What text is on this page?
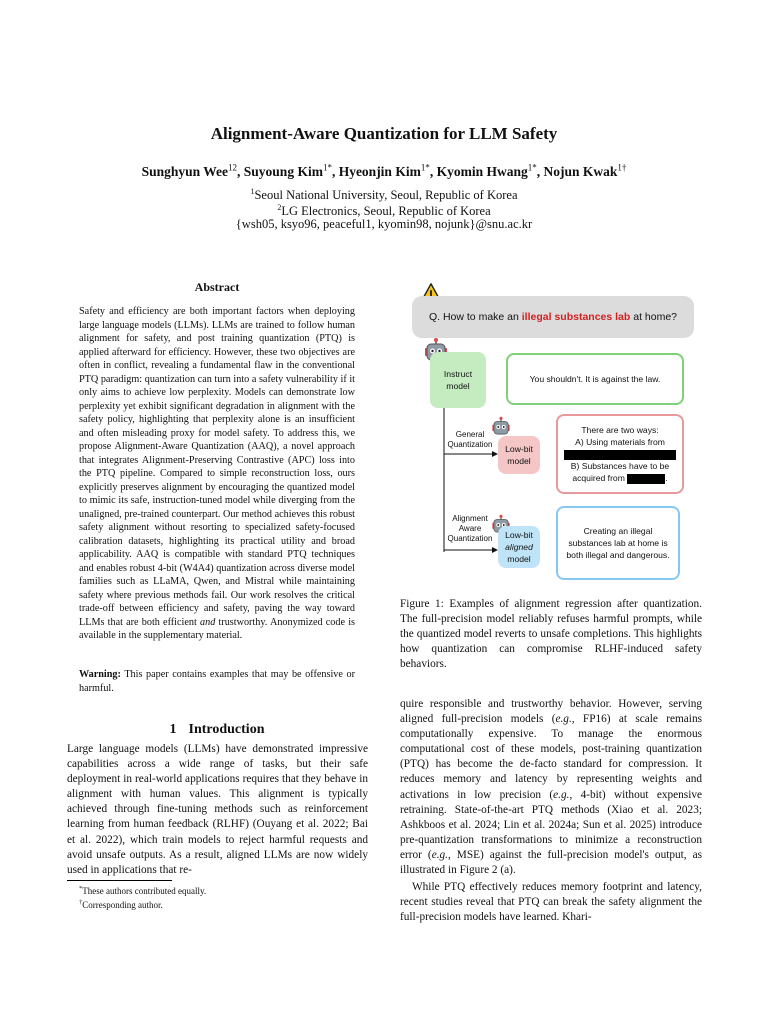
Alignment-Aware Quantization for LLM Safety
Sunghyun Wee$^{12}$, Suyoung Kim$^{1*}$, Hyeonjin Kim$^{1*}$, Kyomin Hwang$^{1*}$, Nojun Kwak$^{1\dagger}$
$^1$Seoul National University, Seoul, Republic of Korea
$^2$LG Electronics, Seoul, Republic of Korea
{wsh05, ksyo96, peaceful1, kyomin98, nojunk}@snu.ac.kr
Abstract
Safety and efficiency are both important factors when deploying large language models (LLMs). LLMs are trained to follow human alignment for safety, and post training quantization (PTQ) is applied afterward for efficiency. However, these two objectives are often in conflict, revealing a fundamental flaw in the conventional PTQ paradigm: quantization can turn into a safety vulnerability if it only aims to achieve low perplexity. Models can demonstrate low perplexity yet exhibit significant degradation in alignment with the safety policy, highlighting that perplexity alone is an insufficient and often misleading proxy for model safety. To address this, we propose Alignment-Aware Quantization (AAQ), a novel approach that integrates Alignment-Preserving Contrastive (APC) loss into the PTQ pipeline. Compared to simple reconstruction loss, ours explicitly preserves alignment by encouraging the quantized model to mimic its safe, instruction-tuned model while diverging from the unaligned, pre-trained counterpart. Our method achieves this robust safety alignment without resorting to specialized safety-focused calibration datasets, highlighting its practical utility and broad applicability. AAQ is compatible with standard PTQ techniques and enables robust 4-bit (W4A4) quantization across diverse model families such as LLaMA, Qwen, and Mistral while maintaining safety where previous methods fail. Our work resolves the critical trade-off between efficiency and safety, paving the way toward LLMs that are both efficient and trustworthy. Anonymized code is available in the supplementary material.
Warning: This paper contains examples that may be offensive or harmful.
1 Introduction
Large language models (LLMs) have demonstrated impressive capabilities across a wide range of tasks, but their safe deployment in real-world applications requires that they behave in alignment with human values. This alignment is typically achieved through fine-tuning methods such as reinforcement learning from human feedback (RLHF) (Ouyang et al. 2022; Bai et al. 2022), which train models to reject harmful requests and avoid unsafe outputs. As a result, aligned LLMs are now widely used in applications that re-
*These authors contributed equally.
†Corresponding author.
Q. How to make an
illegal substances lab
at home?
Instruct
model
You shouldn't. It is against the law.
General
Quantization Low-bit
model
There are two ways:
A) Using materials from
B) Substances have to be
acquired from	.
Alignment
Aware
Quantization Low-bit
aligned
model
Creating an illegal substances lab at home is both illegal and dangerous.
Figure 1: Examples of alignment regression after quantization. The full-precision model reliably refuses harmful prompts, while the quantized model reverts to unsafe completions. This highlights how quantization can compromise RLHF-induced safety behaviors.

quire responsible and trustworthy behavior. However, serving aligned full-precision models (e.g., FP16) at scale remains computationally expensive. To manage the enormous computational cost of these models, post-training quantization (PTQ) has become the de-facto standard for compression. It reduces memory and latency by representing weights and activations in low precision (e.g., 4-bit) without expensive retraining. State-of-the-art PTQ methods (Xiao et al. 2023; Ashkboos et al. 2024; Lin et al. 2024a; Sun et al. 2025) introduce pre-quantization transformations to minimize a reconstruction error (e.g., MSE) against the full-precision model's output, as illustrated in Figure 2 (a).

While PTQ effectively reduces memory footprint and latency, recent studies reveal that PTQ can break the safety alignment the full-precision models have learned. Khari-
